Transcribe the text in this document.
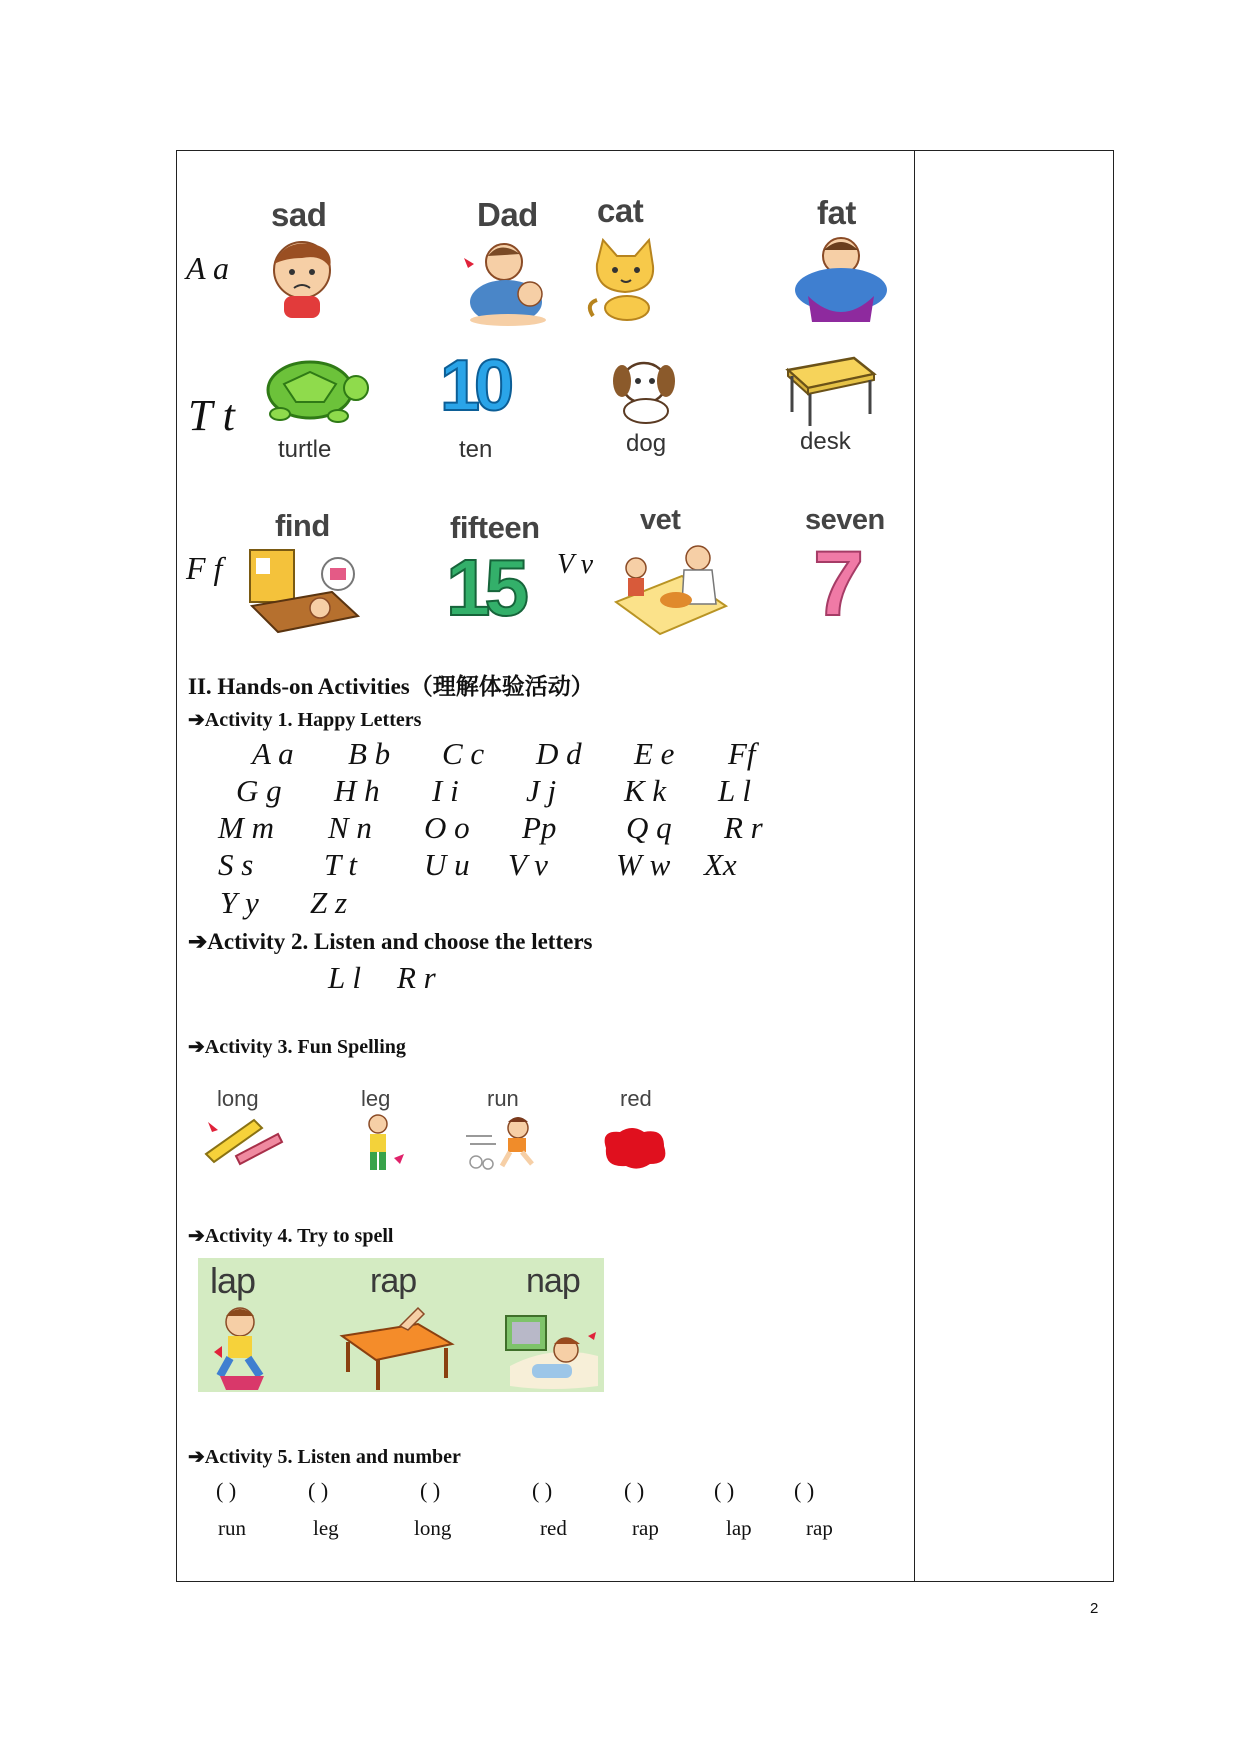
A a
sad	Dad cat	fat
T t
turtle
10
ten	dog	desk
F f
find	fifteen
15 V v
vet	seven
7
II. Hands-on Activities（理解体验活动）
➔Activity 1. Happy Letters
A a B b C c D d E e Ff
G g H h I i J j K k L l
M m N n O o Pp Q q R r
S s T t U u V v W w Xx
Y y Z z
➔Activity 2. Listen and choose the letters
L l R r
➔Activity 3. Fun Spelling
long	leg	run	red
➔Activity 4. Try to spell
lap	rap	nap
➔Activity 5. Listen and number
( )	( )	( )	( )	( )	( )	( )
run	leg	long	red	rap	lap	rap
2
